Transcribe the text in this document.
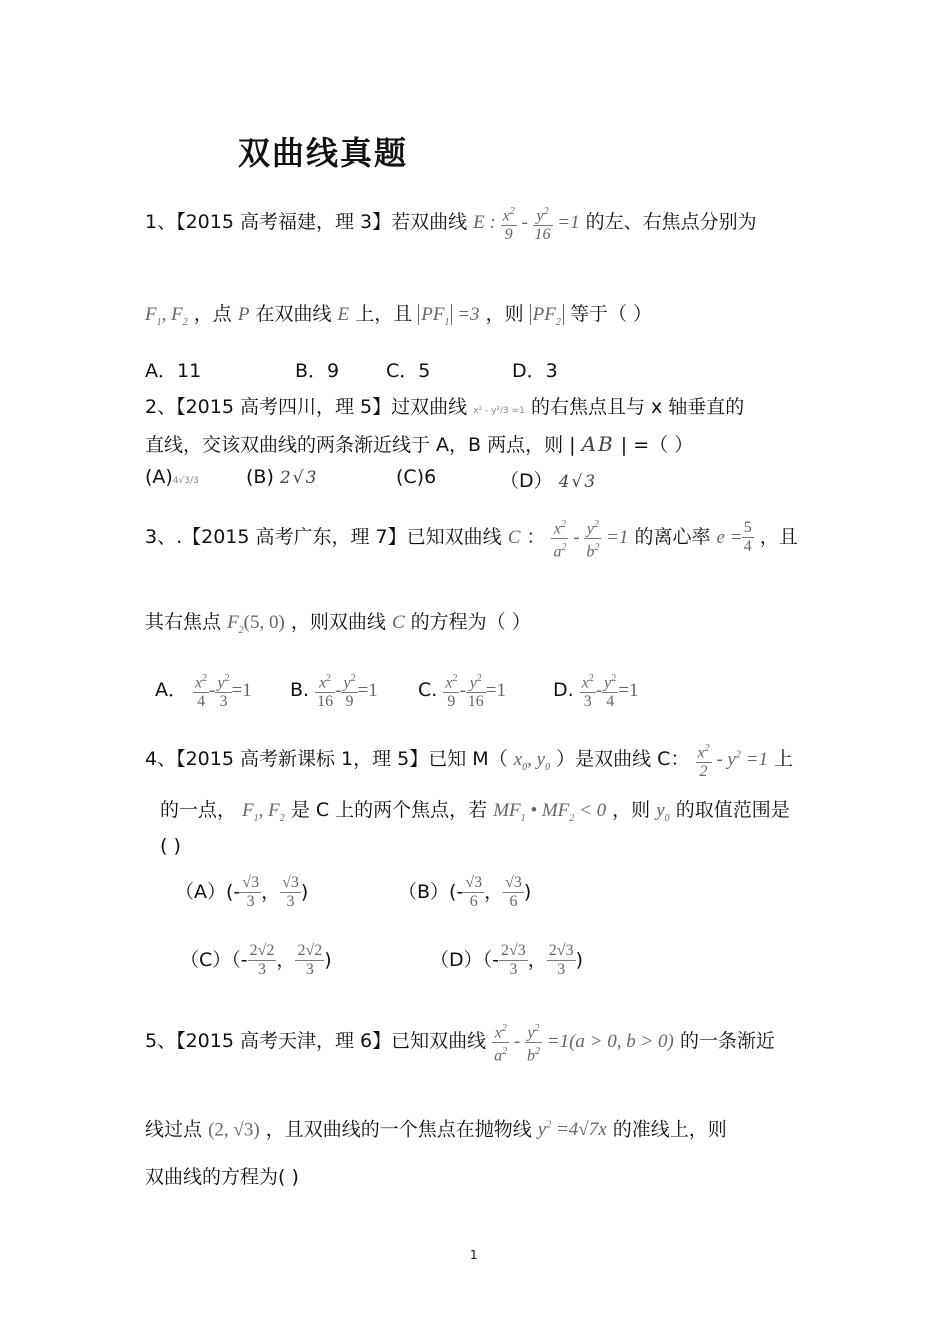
双曲线真题
1、【2015 高考福建，理 3】若双曲线 E : $\frac{x^2}{9} - \frac{y^2}{16} =1$ 的左、右焦点分别为
$F_1$, $F_2$ ，点 P 在双曲线 E 上，且 $PF_1 =3$ ，则 $PF_2$ 等于（ ）
A．11	B．9 C．5	D．3
2、【2015 高考四川，理 5】过双曲线 x² - y²/3 =1 的右焦点且与 x 轴垂直的
直线，交该双曲线的两条渐近线于 A，B 两点，则 | AB | =（ ）
(A)4√3/3 (B) 2√3	(C)6	（D） 4√3
3、.【2015 高考广东，理 7】已知双曲线 C ： $\frac{x^2}{a^2} - \frac{y^2}{b^2} =1$ 的离心率 $e = \frac{5}{4}$ ，且
其右焦点 $F_2(5$, 0) ，则双曲线 C 的方程为（ ）
A． $\frac{x^2}{4} - \frac{y^2}{3} =1$ B. $\frac{x^2}{16} - \frac{y^2}{9} =1$ C. $\frac{x^2}{9} - \frac{y^2}{16} =1$ D. $\frac{x^2}{3} - \frac{y^2}{4} =1$
4、【2015 高考新课标 1，理 5】已知 M（ $x_0$, $y_0$ ）是双曲线 C： $\frac{x^2}{2} - y^2 =1$ 上
的一点， $F_1$, $F_2$ 是 C 上的两个焦点，若 $MF_1$ • $MF_2 < 0$ ，则 $y_0$ 的取值范围是
( )
$(A)(- \frac{√3}{3}$ ， $\frac{√3}{3}$ )	$(B)(- \frac{√3}{6}$ ， $\frac{√3}{6}$ )
$(C)(- \frac{2√2}{3}$ ， $\frac{2√2}{3}$ )	$(D)(- \frac{2√3}{3}$ ， $\frac{2√3}{3}$ )
5、【2015 高考天津，理 6】已知双曲线 $\frac{x^2}{a^2} - \frac{y^2}{b^2} =1(a > 0$, b > 0) 的一条渐近
线过点 (2, √3) ，且双曲线的一个焦点在抛物线 $y^2 =4√7x$ 的准线上，则
双曲线的方程为( )
1
